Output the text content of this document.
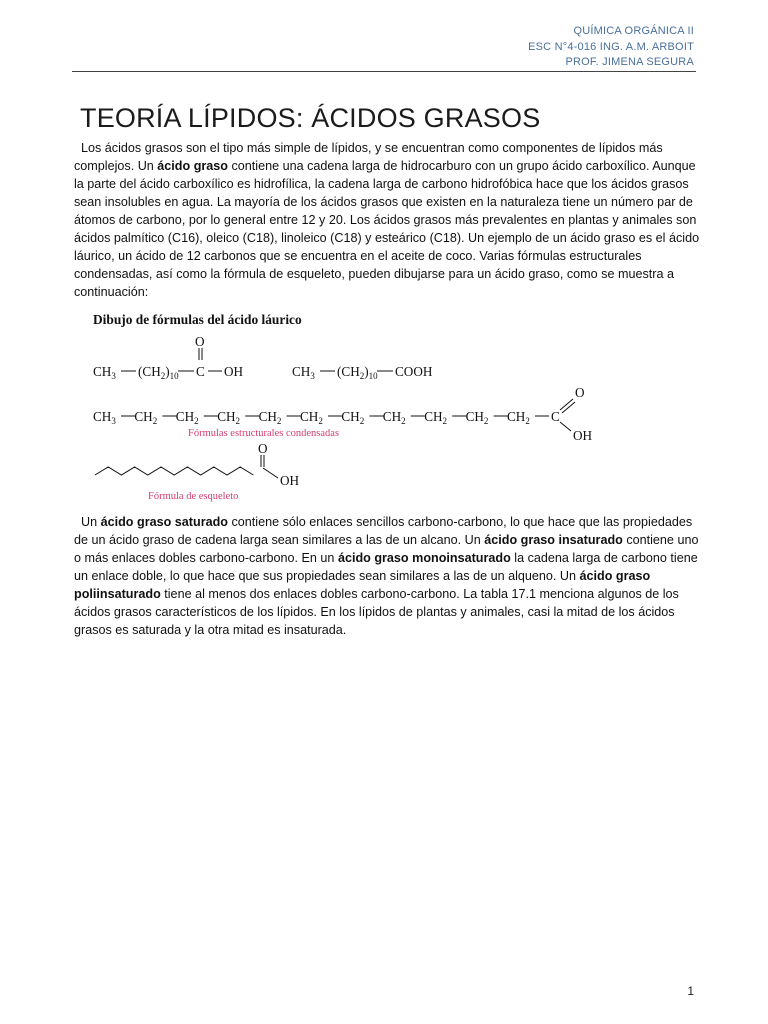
QUÍMICA ORGÁNICA II
ESC N°4-016 ING. A.M. ARBOIT
PROF. JIMENA SEGURA
TEORÍA LÍPIDOS: ÁCIDOS GRASOS

Los ácidos grasos son el tipo más simple de lípidos, y se encuentran como componentes de lípidos más complejos. Un ácido graso contiene una cadena larga de hidrocarburo con un grupo ácido carboxílico. Aunque la parte del ácido carboxílico es hidrofílica, la cadena larga de carbono hidrofóbica hace que los ácidos grasos sean insolubles en agua. La mayoría de los ácidos grasos que existen en la naturaleza tiene un número par de átomos de carbono, por lo general entre 12 y 20. Los ácidos grasos más prevalentes en plantas y animales son ácidos palmítico (C16), oleico (C18), linoleico (C18) y esteárico (C18). Un ejemplo de un ácido graso es el ácido láurico, un ácido de 12 carbonos que se encuentra en el aceite de coco. Varias fórmulas estructurales condensadas, así como la fórmula de esqueleto, pueden dibujarse para un ácido graso, como se muestra a continuación:

Dibujo de fórmulas del ácido láurico
$CH_3$ $(CH_2)_{10}$ C
O
OH	$CH_3$ $(CH_2)_{10}$ COOH
$CH_3$ $CH_2$ $CH_2$ $CH_2$ $CH_2$ $CH_2$ $CH_2$ $CH_2$ $CH_2$ $CH_2$ $CH_2$ C
O
OH
Fórmulas estructurales condensadas
O
OH
Fórmula de esqueleto

Un ácido graso saturado contiene sólo enlaces sencillos carbono-carbono, lo que hace que las propiedades de un ácido graso de cadena larga sean similares a las de un alcano. Un ácido graso insaturado contiene uno o más enlaces dobles carbono-carbono. En un ácido graso monoinsaturado la cadena larga de carbono tiene un enlace doble, lo que hace que sus propiedades sean similares a las de un alqueno. Un ácido graso poliinsaturado tiene al menos dos enlaces dobles carbono-carbono. La tabla 17.1 menciona algunos de los ácidos grasos característicos de los lípidos. En los lípidos de plantas y animales, casi la mitad de los ácidos grasos es saturada y la otra mitad es insaturada.

1
